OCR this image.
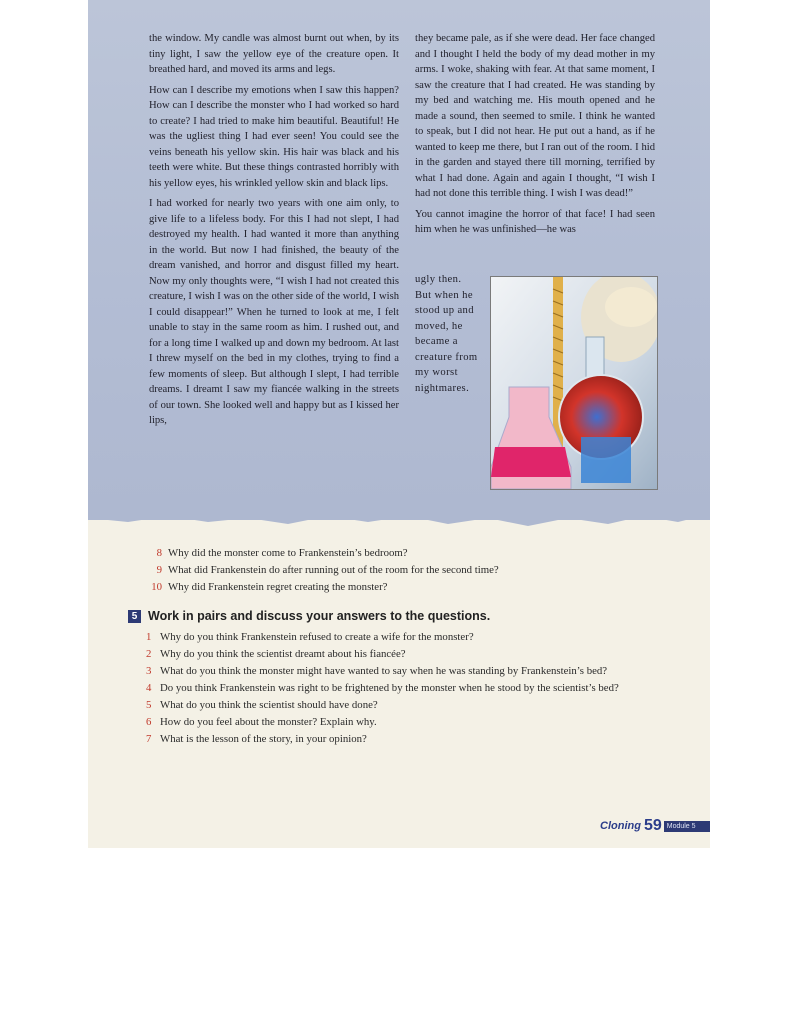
the window. My candle was almost burnt out when, by its tiny light, I saw the yellow eye of the creature open. It breathed hard, and moved its arms and legs.

How can I describe my emotions when I saw this happen? How can I describe the monster who I had worked so hard to create? I had tried to make him beautiful. Beautiful! He was the ugliest thing I had ever seen! You could see the veins beneath his yellow skin. His hair was black and his teeth were white. But these things contrasted horribly with his yellow eyes, his wrinkled yellow skin and black lips.

I had worked for nearly two years with one aim only, to give life to a lifeless body. For this I had not slept, I had destroyed my health. I had wanted it more than anything in the world. But now I had finished, the beauty of the dream vanished, and horror and disgust filled my heart. Now my only thoughts were, “I wish I had not created this creature, I wish I was on the other side of the world, I wish I could disappear!” When he turned to look at me, I felt unable to stay in the same room as him. I rushed out, and for a long time I walked up and down my bedroom. At last I threw myself on the bed in my clothes, trying to find a few moments of sleep. But although I slept, I had terrible dreams. I dreamt I saw my fiancée walking in the streets of our town. She looked well and happy but as I kissed her lips,

they became pale, as if she were dead. Her face changed and I thought I held the body of my dead mother in my arms. I woke, shaking with fear. At that same moment, I saw the creature that I had created. He was standing by my bed and watching me. His mouth opened and he made a sound, then seemed to smile. I think he wanted to speak, but I did not hear. He put out a hand, as if he wanted to keep me there, but I ran out of the room. I hid in the garden and stayed there till morning, terrified by what I had done. Again and again I thought, “I wish I had not done this terrible thing. I wish I was dead!”

You cannot imagine the horror of that face! I had seen him when he was unfinished—he was

ugly then.
But when he
stood up and
moved, he
became a
creature from
my worst
nightmares.
8 Why did the monster come to Frankenstein’s bedroom?
9 What did Frankenstein do after running out of the room for the second time?
10 Why did Frankenstein regret creating the monster?
5 Work in pairs and discuss your answers to the questions.
1 Why do you think Frankenstein refused to create a wife for the monster?
2 Why do you think the scientist dreamt about his fiancée?
3 What do you think the monster might have wanted to say when he was standing by Frankenstein’s bed?
4 Do you think Frankenstein was right to be frightened by the monster when he stood by the scientist’s bed?
5 What do you think the scientist should have done?
6 How do you feel about the monster? Explain why.
7 What is the lesson of the story, in your opinion?
Cloning 59 Module 5
